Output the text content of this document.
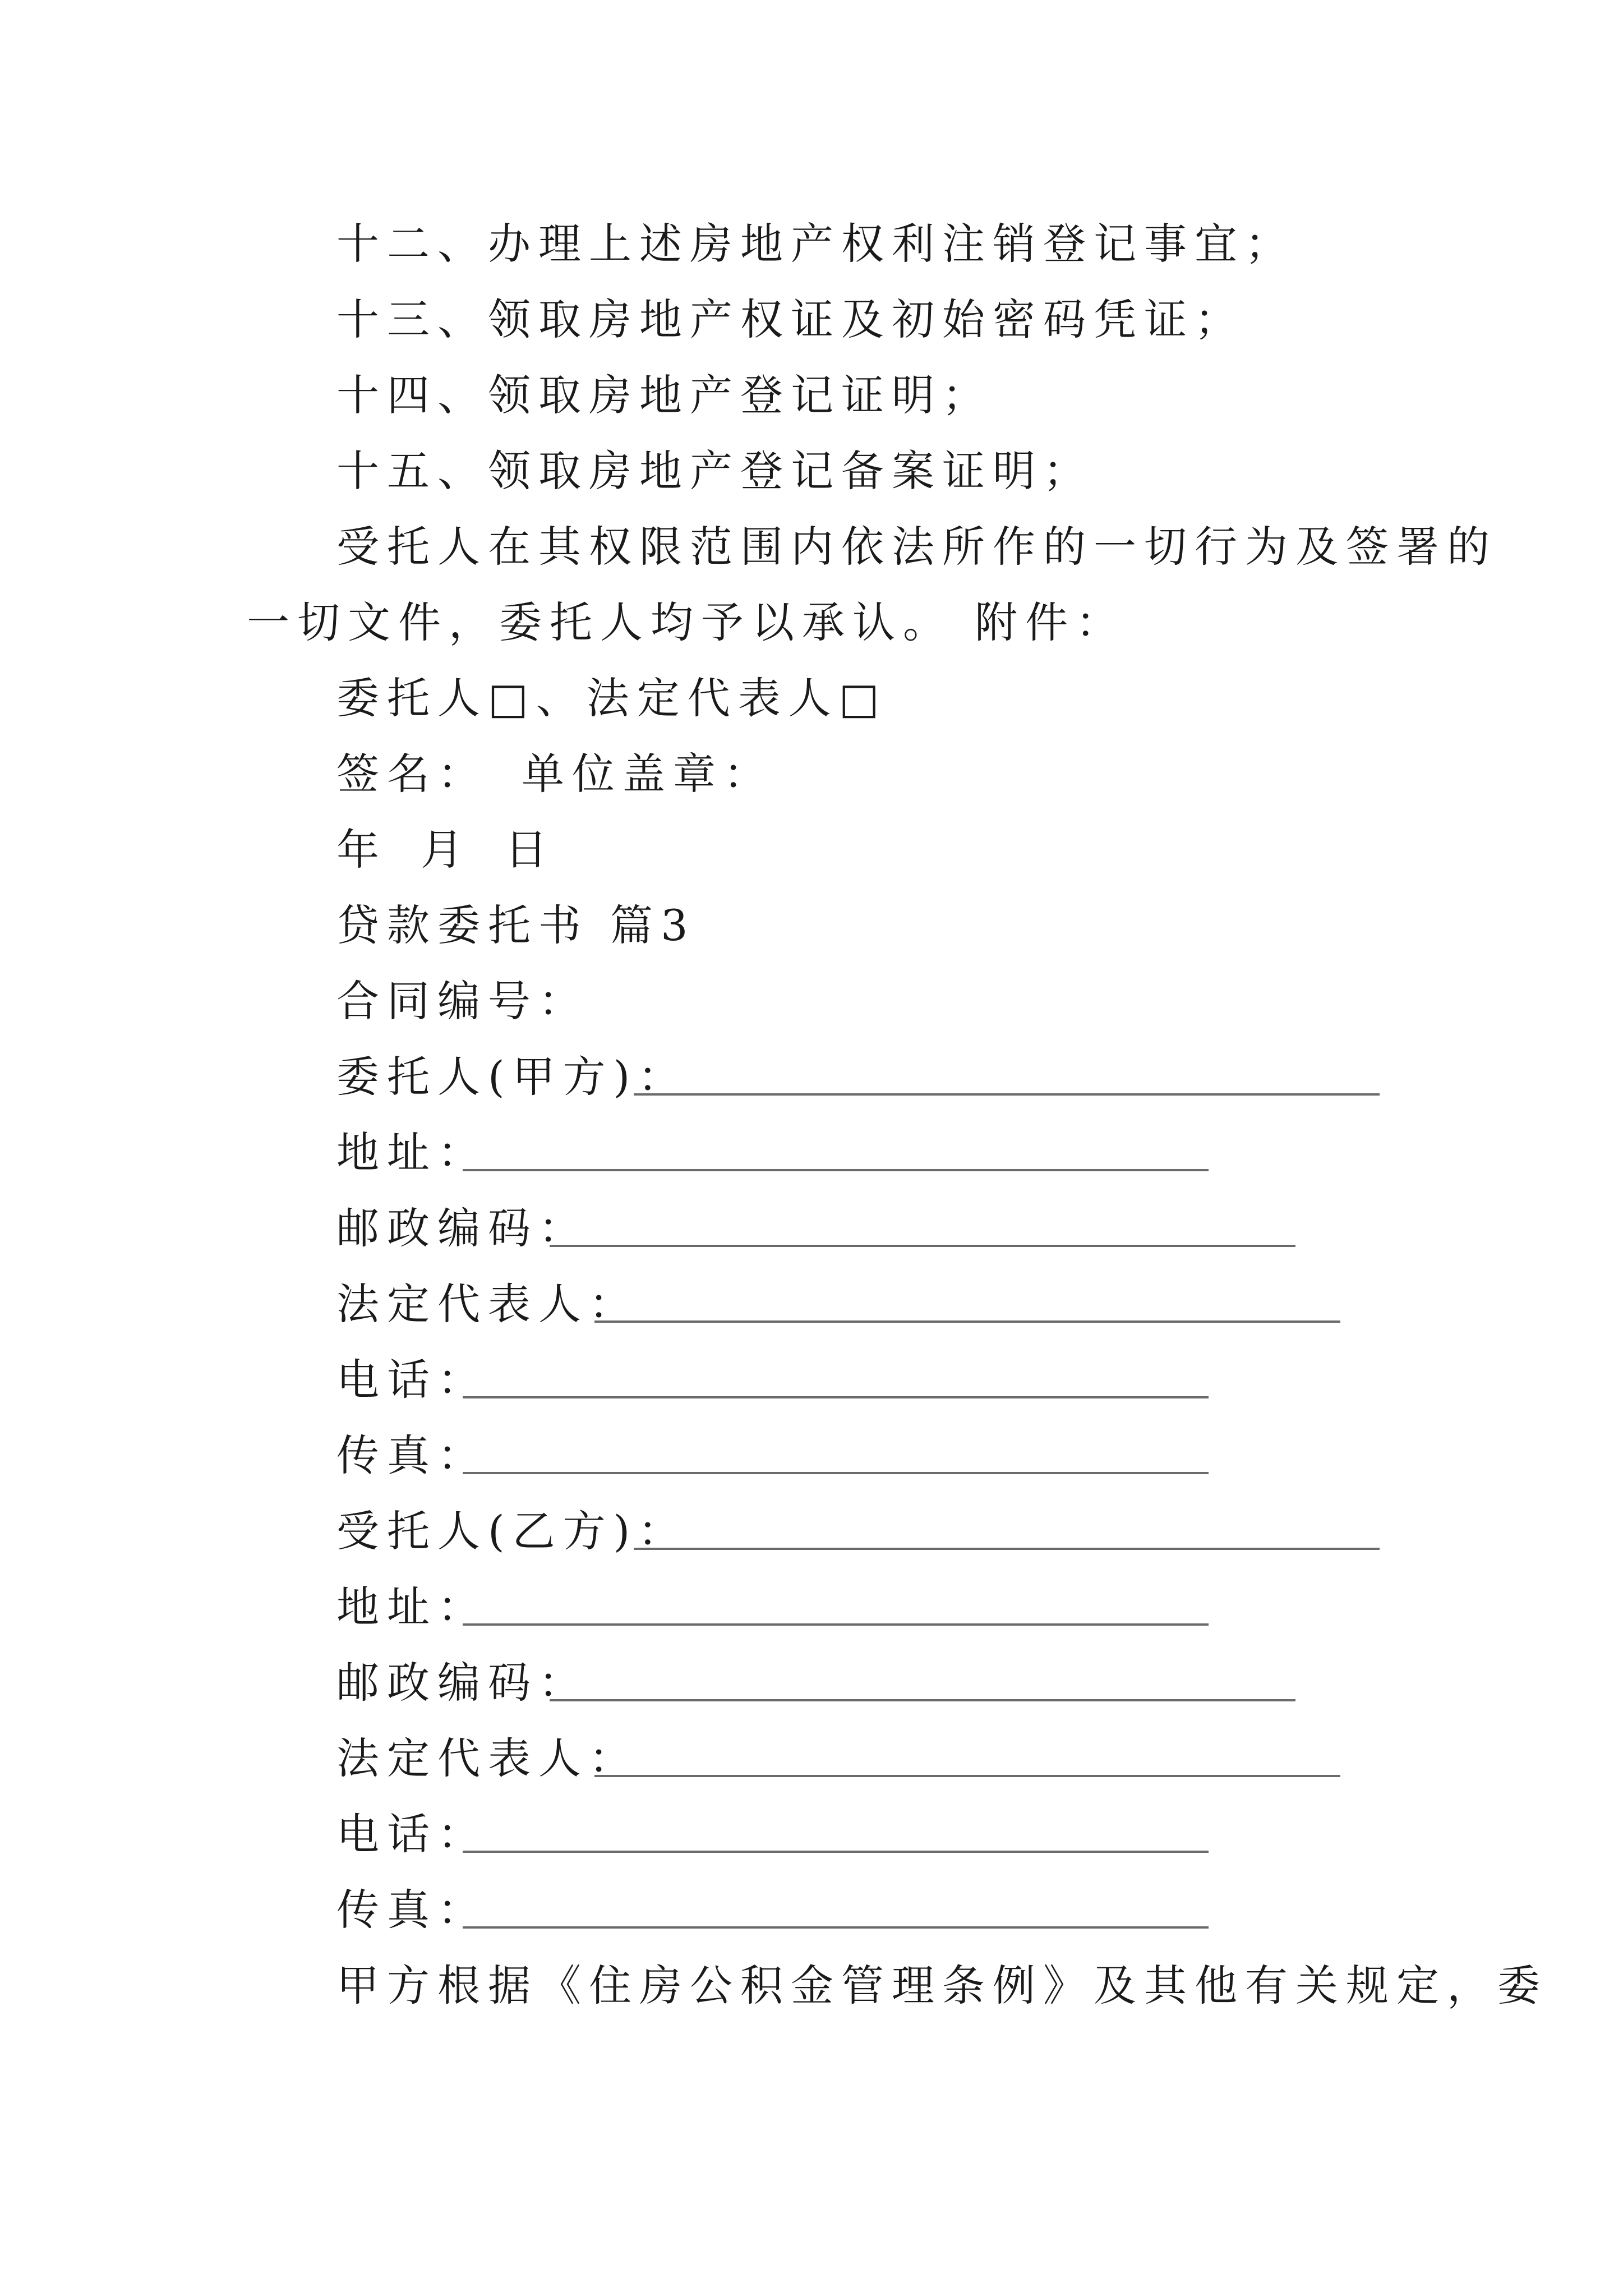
十二、办理上述房地产权利注销登记事宜；
十三、领取房地产权证及初始密码凭证；
十四、领取房地产登记证明；
十五、领取房地产登记备案证明；
受托人在其权限范围内依法所作的一切行为及签署的
一切文件，委托人均予以承认。 附件：
委托人□、法定代表人□
签名： 单位盖章：
年 月 日
贷款委托书 篇3
合同编号：
委托人(甲方)：
地址：
邮政编码：
法定代表人：
电话：
传真：
受托人(乙方)：
地址：
邮政编码：
法定代表人：
电话：
传真：
甲方根据《住房公积金管理条例》及其他有关规定，委
